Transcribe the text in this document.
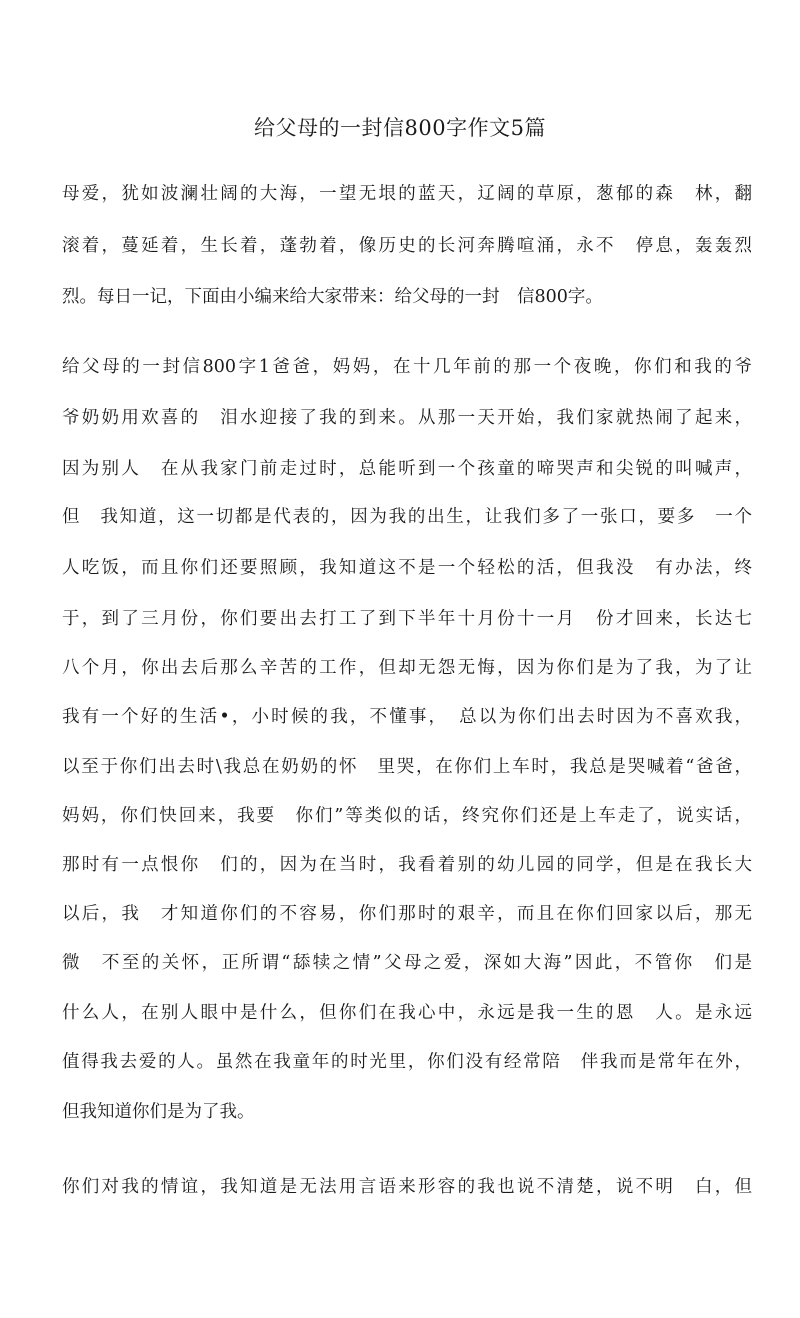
给父母的一封信800字作文5篇
母爱，犹如波澜壮阔的大海，一望无垠的蓝天，辽阔的草原，葱郁的森　林，翻
滚着，蔓延着，生长着，蓬勃着，像历史的长河奔腾喧涌，永不　停息，轰轰烈
烈。每日一记，下面由小编来给大家带来：给父母的一封　信800字。
给父母的一封信800字1爸爸，妈妈，在十几年前的那一个夜晚，你们和我的爷
爷奶奶用欢喜的　泪水迎接了我的到来。从那一天开始，我们家就热闹了起来，
因为别人　在从我家门前走过时，总能听到一个孩童的啼哭声和尖锐的叫喊声，
但　我知道，这一切都是代表的，因为我的出生，让我们多了一张口，要多　一个
人吃饭，而且你们还要照顾，我知道这不是一个轻松的活，但我没　有办法，终
于，到了三月份，你们要出去打工了到下半年十月份十一月　份才回来，长达七
八个月，你出去后那么辛苦的工作，但却无怨无悔，因为你们是为了我，为了让
我有一个好的生活•，小时候的我，不懂事，　总以为你们出去时因为不喜欢我，
以至于你们出去时\我总在奶奶的怀　里哭，在你们上车时，我总是哭喊着“爸爸，
妈妈，你们快回来，我要　你们”等类似的话，终究你们还是上车走了，说实话，
那时有一点恨你　们的，因为在当时，我看着别的幼儿园的同学，但是在我长大
以后，我　才知道你们的不容易，你们那时的艰辛，而且在你们回家以后，那无
微　不至的关怀，正所谓“舔犊之情”父母之爱，深如大海”因此，不管你　们是
什么人，在别人眼中是什么，但你们在我心中，永远是我一生的恩　人。是永远
值得我去爱的人。虽然在我童年的时光里，你们没有经常陪　伴我而是常年在外，
但我知道你们是为了我。
你们对我的情谊，我知道是无法用言语来形容的我也说不清楚，说不明　白，但
